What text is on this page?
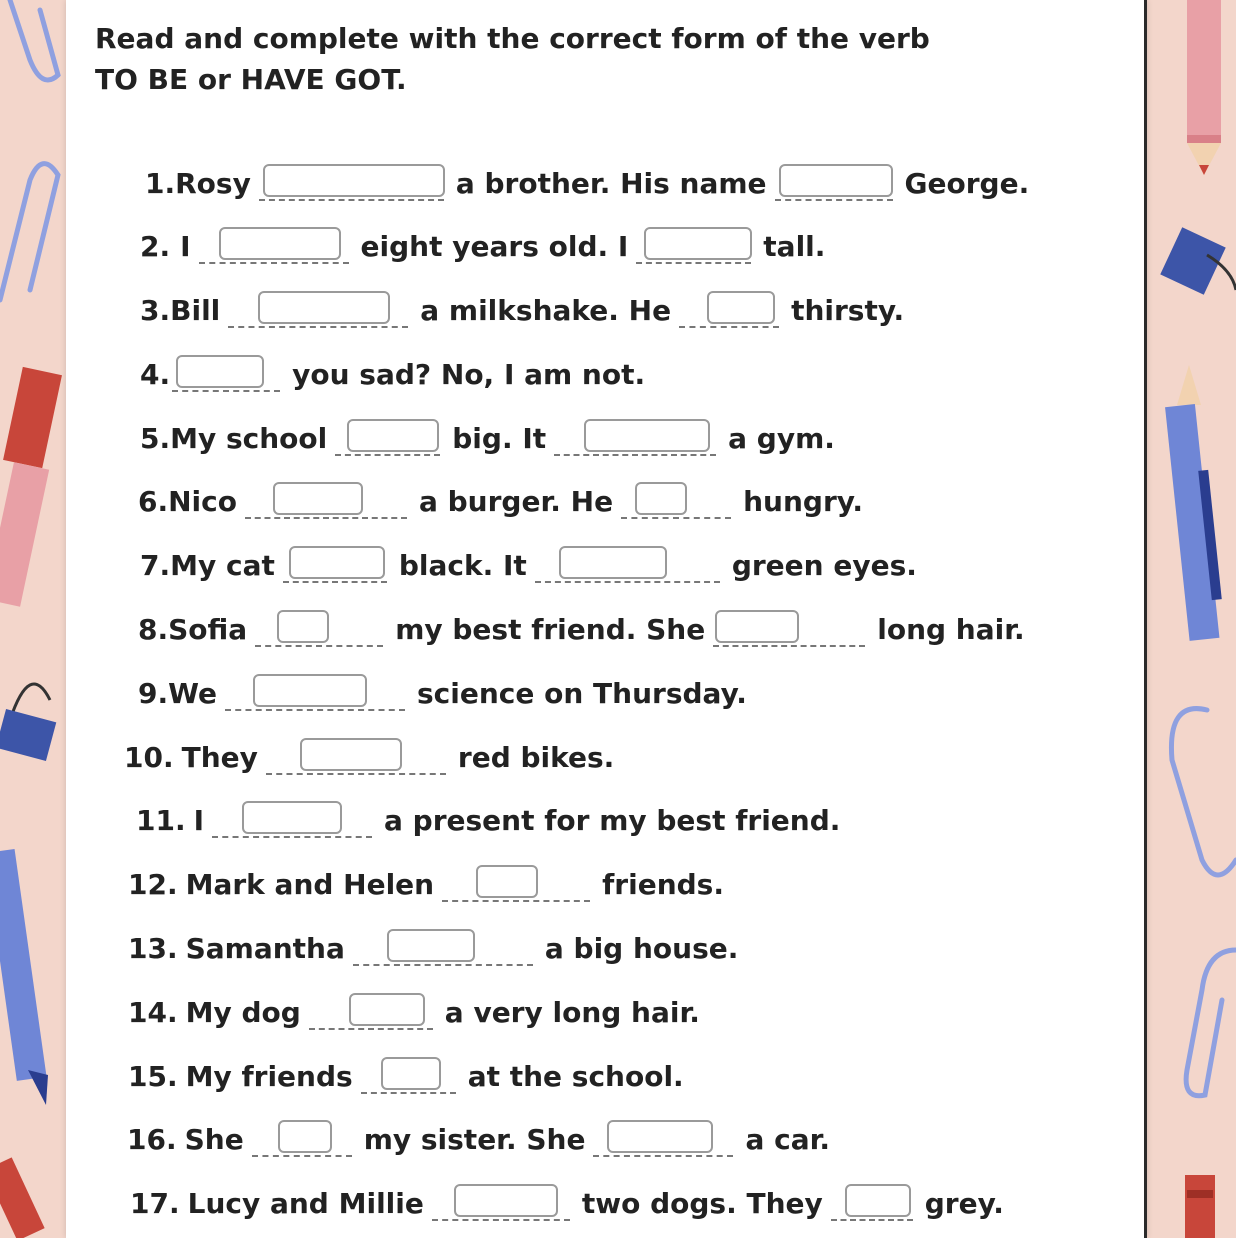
Read and complete with the correct form of the verb
TO BE or HAVE GOT.
1. Rosy	a brother. His name	George.
2. I	eight years old. I	tall.
3. Bill	a milkshake. He	thirsty.
4.	you sad? No, I am not.
5. My school	big. It	a gym.
6. Nico	a burger. He	hungry.
7. My cat	black. It	green eyes.
8. Sofia	my best friend. She	long hair.
9. We	science on Thursday.
10. They	red bikes.
11. I	a present for my best friend.
12. Mark and Helen	friends.
13. Samantha	a big house.
14. My dog	a very long hair.
15. My friends	at the school.
16. She	my sister. She	a car.
17. Lucy and Millie	two dogs. They	grey.
